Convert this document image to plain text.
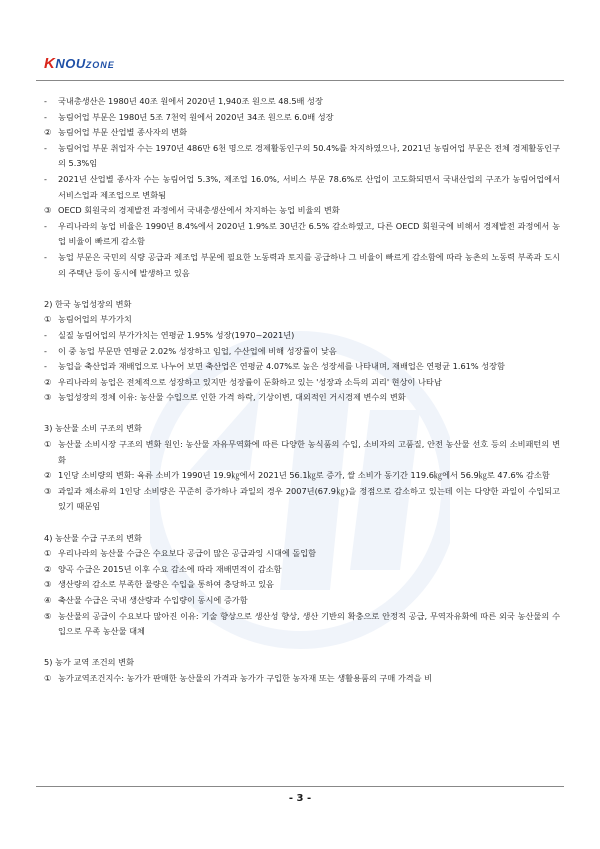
KNOUZONE
-	국내총생산은 1980년 40조 원에서 2020년 1,940조 원으로 48.5배 성장
-	농림어업 부문은 1980년 5조 7천억 원에서 2020년 34조 원으로 6.0배 성장
② 농림어업 부문 산업별 종사자의 변화
-	농림어업 부문 취업자 수는 1970년 486만 6천 명으로 경제활동인구의 50.4%를 차지하였으나, 2021년 농림어업 부문은 전체 경제활동인구의 5.3%임
-	2021년 산업별 종사자 수는 농림어업 5.3%, 제조업 16.0%, 서비스 부문 78.6%로 산업이 고도화되면서 국내산업의 구조가 농림어업에서 서비스업과 제조업으로 변화됨
③ OECD 회원국의 경제발전 과정에서 국내총생산에서 차지하는 농업 비율의 변화
-	우리나라의 농업 비율은 1990년 8.4%에서 2020년 1.9%로 30년간 6.5% 감소하였고, 다른 OECD 회원국에 비해서 경제발전 과정에서 농업 비율이 빠르게 감소함
-	농업 부문은 국민의 식량 공급과 제조업 부문에 필요한 노동력과 토지를 공급하나 그 비율이 빠르게 감소함에 따라 농촌의 노동력 부족과 도시의 주택난 등이 동시에 발생하고 있음
2) 한국 농업성장의 변화
① 농림어업의 부가가치
-	실질 농림어업의 부가가치는 연평균 1.95% 성장(1970~2021년)
-	이 중 농업 부문만 연평균 2.02% 성장하고 임업, 수산업에 비해 성장률이 낮음
-	농업을 축산업과 재배업으로 나누어 보면 축산업은 연평균 4.07%로 높은 성장세를 나타내며, 재배업은 연평균 1.61% 성장함
② 우리나라의 농업은 전체적으로 성장하고 있지만 성장률이 둔화하고 있는 '성장과 소득의 괴리' 현상이 나타남
③ 농업성장의 정체 이유: 농산물 수입으로 인한 가격 하락, 기상이변, 대외적인 거시경제 변수의 변화
3) 농산물 소비 구조의 변화
① 농산물 소비시장 구조의 변화 원인: 농산물 자유무역화에 따른 다양한 농식품의 수입, 소비자의 고품질, 안전 농산물 선호 등의 소비패턴의 변화
② 1인당 소비량의 변화: 육류 소비가 1990년 19.9㎏에서 2021년 56.1㎏로 증가, 쌀 소비가 동기간 119.6㎏에서 56.9㎏로 47.6% 감소함
③ 과일과 채소류의 1인당 소비량은 꾸준히 증가하나 과일의 경우 2007년(67.9㎏)을 정점으로 감소하고 있는데 이는 다양한 과일이 수입되고 있기 때문임
4) 농산물 수급 구조의 변화
① 우리나라의 농산물 수급은 수요보다 공급이 많은 공급과잉 시대에 돌입함
② 양곡 수급은 2015년 이후 수요 감소에 따라 재배면적이 감소함
③ 생산량의 감소로 부족한 물량은 수입을 통하여 충당하고 있음
④ 축산물 수급은 국내 생산량과 수입량이 동시에 증가함
⑤ 농산물의 공급이 수요보다 많아진 이유: 기술 향상으로 생산성 향상, 생산 기반의 확충으로 안정적 공급, 무역자유화에 따른 외국 농산물의 수입으로 무족 농산물 대체
5) 농가 교역 조건의 변화
① 농가교역조건지수: 농가가 판매한 농산물의 가격과 농가가 구입한 농자재 또는 생활용품의 구매 가격을 비
- 3 -
